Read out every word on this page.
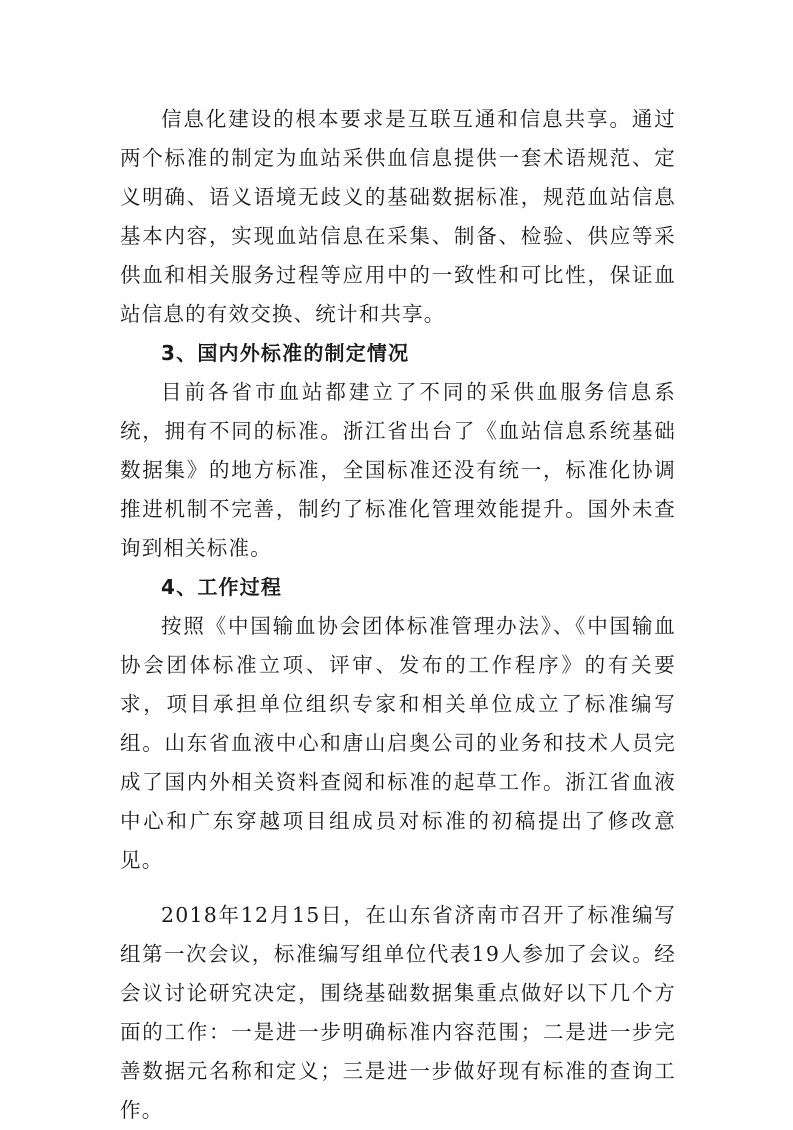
信息化建设的根本要求是互联互通和信息共享。通过两个标准的制定为血站采供血信息提供一套术语规范、定义明确、语义语境无歧义的基础数据标准，规范血站信息基本内容，实现血站信息在采集、制备、检验、供应等采供血和相关服务过程等应用中的一致性和可比性，保证血站信息的有效交换、统计和共享。

3、国内外标准的制定情况

目前各省市血站都建立了不同的采供血服务信息系统，拥有不同的标准。浙江省出台了《血站信息系统基础数据集》的地方标准，全国标准还没有统一，标准化协调推进机制不完善，制约了标准化管理效能提升。国外未查询到相关标准。

4、工作过程

按照《中国输血协会团体标准管理办法》、《中国输血协会团体标准立项、评审、发布的工作程序》的有关要求，项目承担单位组织专家和相关单位成立了标准编写组。山东省血液中心和唐山启奥公司的业务和技术人员完成了国内外相关资料查阅和标准的起草工作。浙江省血液中心和广东穿越项目组成员对标准的初稿提出了修改意见。

2018年12月15日，在山东省济南市召开了标准编写组第一次会议，标准编写组单位代表19人参加了会议。经会议讨论研究决定，围绕基础数据集重点做好以下几个方面的工作：一是进一步明确标准内容范围；二是进一步完善数据元名称和定义；三是进一步做好现有标准的查询工作。
